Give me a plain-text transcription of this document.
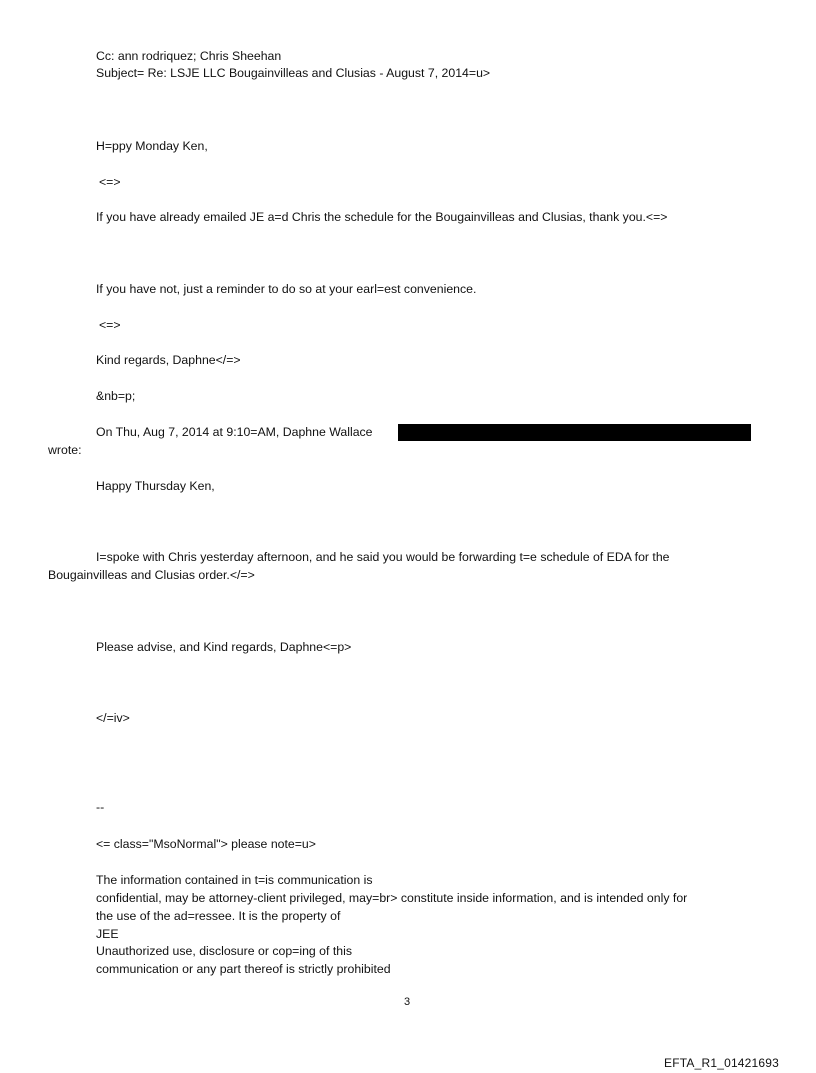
Cc: ann rodriquez; Chris Sheehan
Subject= Re: LSJE LLC Bougainvilleas and Clusias - August 7, 2014=u>
H=ppy Monday Ken,
<=>
If you have already emailed JE a=d Chris the schedule for the Bougainvilleas and Clusias, thank you.<=>
If you have not, just a reminder to do so at your earl=est convenience.
<=>
Kind regards, Daphne</=>
&nb=p;
On Thu, Aug 7, 2014 at 9:10=AM, Daphne Wallace
wrote:
Happy Thursday Ken,
I=spoke with Chris yesterday afternoon, and he said you would be forwarding t=e schedule of EDA for the
Bougainvilleas and Clusias order.</=>
Please advise, and Kind regards, Daphne<=p>
</=iv>
--
<= class="MsoNormal"> please note=u>
The information contained in t=is communication is
confidential, may be attorney-client privileged, may=br> constitute inside information, and is intended only for
the use of the ad=ressee. It is the property of
JEE
Unauthorized use, disclosure or cop=ing of this
communication or any part thereof is strictly prohibited
3
EFTA_R1_01421693
